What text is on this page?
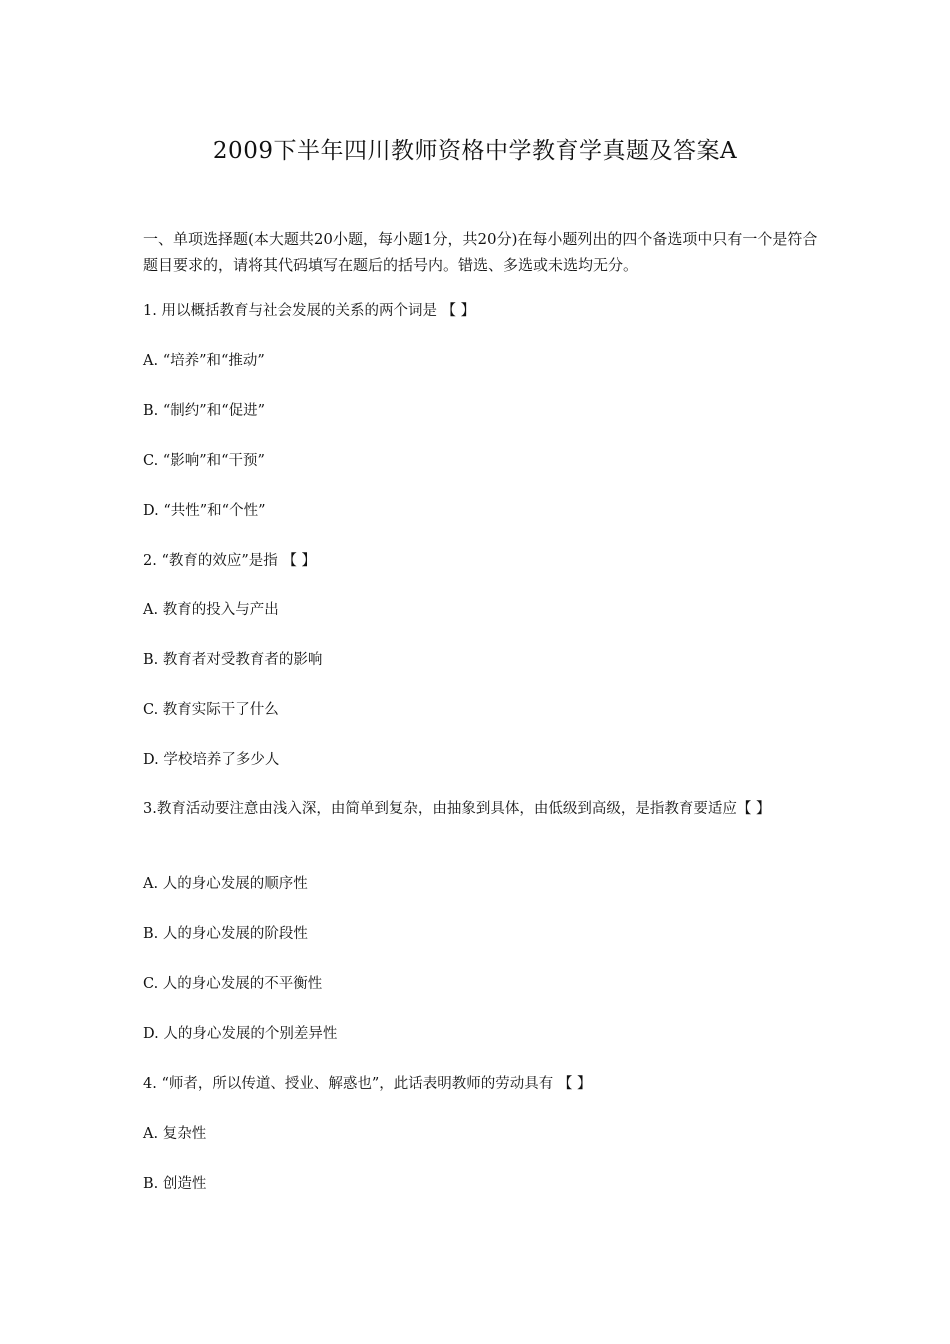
2009下半年四川教师资格中学教育学真题及答案A

一、单项选择题(本大题共20小题，每小题1分，共20分)在每小题列出的四个备选项中只有一个是符合题目要求的，请将其代码填写在题后的括号内。错选、多选或未选均无分。

1. 用以概括教育与社会发展的关系的两个词是 【 】
A. “培养”和“推动”
B. “制约”和“促进”
C. “影响”和“干预”
D. “共性”和“个性”
2. “教育的效应”是指 【 】
A. 教育的投入与产出
B. 教育者对受教育者的影响
C. 教育实际干了什么
D. 学校培养了多少人
3.教育活动要注意由浅入深，由简单到复杂，由抽象到具体，由低级到高级，是指教育要适应【 】
A. 人的身心发展的顺序性
B. 人的身心发展的阶段性
C. 人的身心发展的不平衡性
D. 人的身心发展的个别差异性
4. “师者，所以传道、授业、解惑也”，此话表明教师的劳动具有 【 】
A. 复杂性
B. 创造性
